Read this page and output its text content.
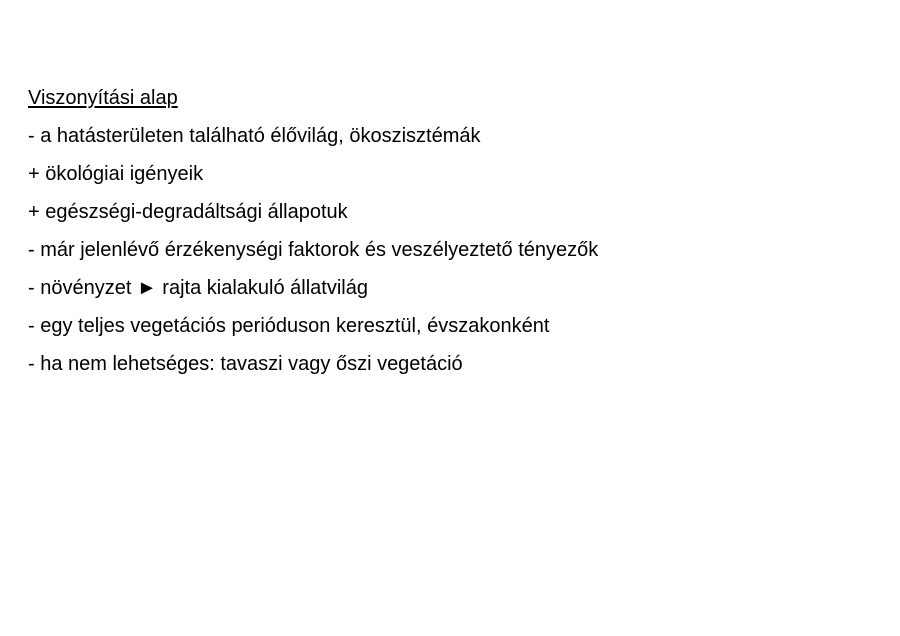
Viszonyítási alap
- a hatásterületen található élővilág, ökoszisztémák
+ ökológiai igényeik
+ egészségi-degradáltsági állapotuk
- már jelenlévő érzékenységi faktorok és veszélyeztető tényezők
- növényzet ► rajta kialakuló állatvilág
- egy teljes vegetációs perióduson keresztül, évszakonként
- ha nem lehetséges: tavaszi vagy őszi vegetáció
